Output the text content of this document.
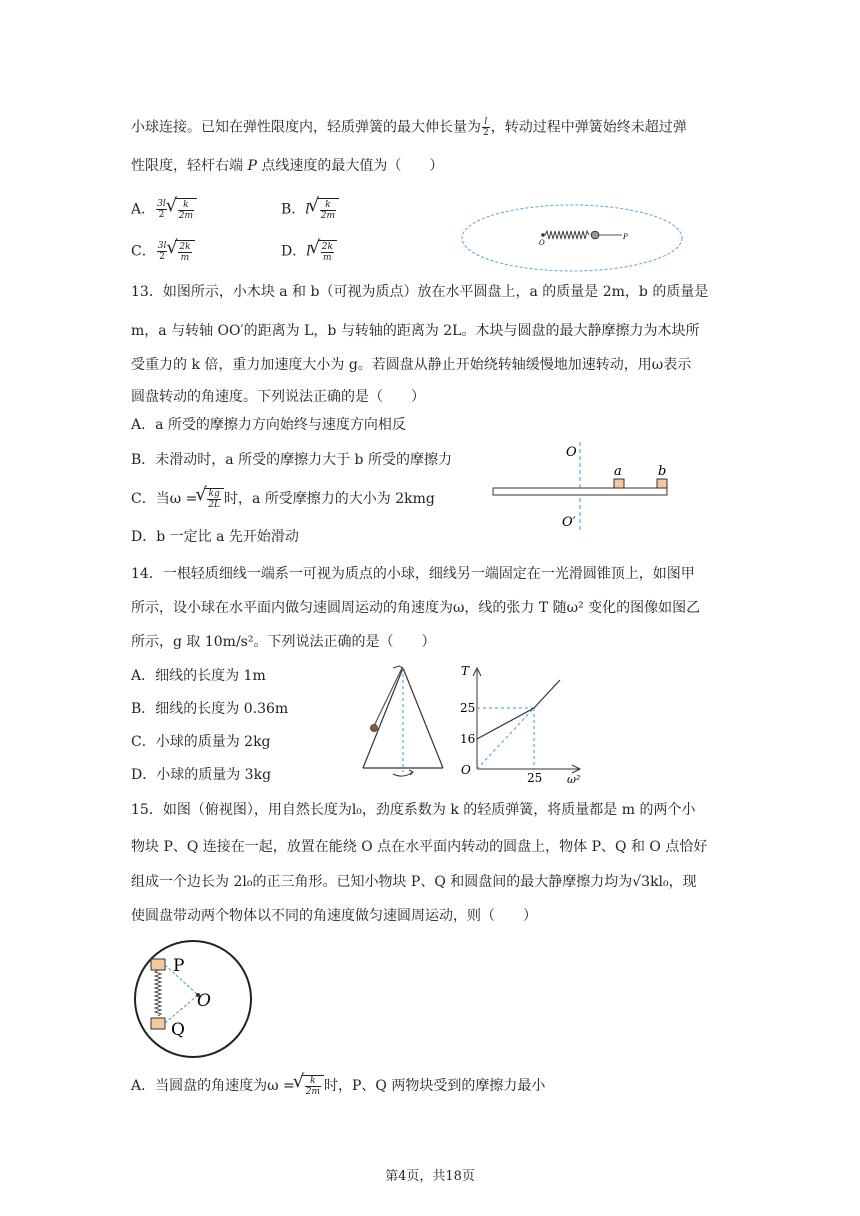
小球连接。已知在弹性限度内，轻质弹簧的最大伸长量为 $\frac{l}{2}$ ，转动过程中弹簧始终未超过弹
性限度，轻杆右端 P 点线速度的最大值为（　　）
A． $\frac{3l}{2}$ √ $\frac{k}{2m}$	B．l √ $\frac{k}{2m}$
C． $\frac{3l}{2}$ √ $\frac{2k}{m}$	D．l √ $\frac{2k}{m}$	O
P
13．如图所示，小木块 a 和 b（可视为质点）放在水平圆盘上，a 的质量是 2m，b 的质量是
m，a 与转轴 OO′的距离为 L，b 与转轴的距离为 2L。木块与圆盘的最大静摩擦力为木块所
受重力的 k 倍，重力加速度大小为 g。若圆盘从静止开始绕转轴缓慢地加速转动，用ω表示
圆盘转动的角速度。下列说法正确的是（　　）
A．a 所受的摩擦力方向始终与速度方向相反
B．未滑动时，a 所受的摩擦力大于 b 所受的摩擦力
C．当ω = √ $\frac{kg}{2L}$ 时，a 所受摩擦力的大小为 2kmg
D．b 一定比 a 先开始滑动
O
O′
a	b
14．一根轻质细线一端系一可视为质点的小球，细线另一端固定在一光滑圆锥顶上，如图甲
所示，设小球在水平面内做匀速圆周运动的角速度为ω，线的张力 T 随ω² 变化的图像如图乙
所示，g 取 10m/s²。下列说法正确的是（　　）
A．细线的长度为 1m
B．细线的长度为 0.36m
C．小球的质量为 2kg
D．小球的质量为 3kg
T
25
16
O
25 ω²
15．如图（俯视图），用自然长度为l₀，劲度系数为 k 的轻质弹簧，将质量都是 m 的两个小
物块 P、Q 连接在一起，放置在能绕 O 点在水平面内转动的圆盘上，物体 P、Q 和 O 点恰好
组成一个边长为 2l₀的正三角形。已知小物块 P、Q 和圆盘间的最大静摩擦力均为√3kl₀，现
使圆盘带动两个物体以不同的角速度做匀速圆周运动，则（　　）
P
Q
O
A．当圆盘的角速度为ω = √ $\frac{k}{2m}$ 时，P、Q 两物块受到的摩擦力最小
第4页，共18页
